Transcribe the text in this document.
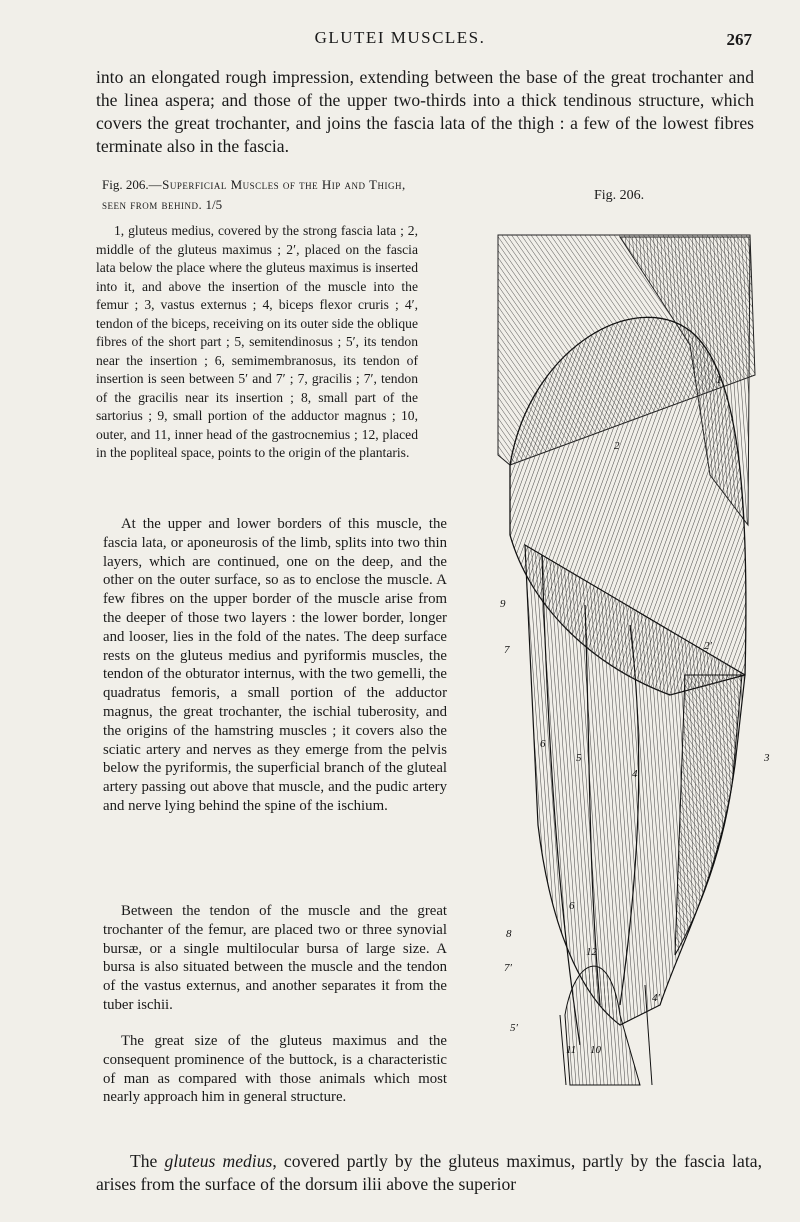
GLUTEI MUSCLES.	267

into an elongated rough impression, extending between the base of the great trochanter and the linea aspera; and those of the upper two-thirds into a thick tendinous structure, which covers the great trochanter, and joins the fascia lata of the thigh : a few of the lowest fibres terminate also in the fascia.

Fig. 206.—Superficial Muscles of the Hip and Thigh, seen from behind. 1/5

1, gluteus medius, covered by the strong fascia lata ; 2, middle of the gluteus maximus ; 2′, placed on the fascia lata below the place where the gluteus maximus is inserted into it, and above the insertion of the muscle into the femur ; 3, vastus externus ; 4, biceps flexor cruris ; 4′, tendon of the biceps, receiving on its outer side the oblique fibres of the short part ; 5, semitendinosus ; 5′, its tendon near the insertion ; 6, semimembranosus, its tendon of insertion is seen between 5′ and 7′ ; 7, gracilis ; 7′, tendon of the gracilis near its insertion ; 8, small part of the sartorius ; 9, small portion of the adductor magnus ; 10, outer, and 11, inner head of the gastrocnemius ; 12, placed in the popliteal space, points to the origin of the plantaris.

Fig. 206.

At the upper and lower borders of this muscle, the fascia lata, or aponeurosis of the limb, splits into two thin layers, which are continued, one on the deep, and the other on the outer surface, so as to enclose the muscle. A few fibres on the upper border of the muscle arise from the deeper of those two layers : the lower border, longer and looser, lies in the fold of the nates. The deep surface rests on the gluteus medius and pyriformis muscles, the tendon of the obturator internus, with the two gemelli, the quadratus femoris, a small portion of the adductor magnus, the great trochanter, the ischial tuberosity, and the origins of the hamstring muscles ; it covers also the sciatic artery and nerves as they emerge from the pelvis below the pyriformis, the superficial branch of the gluteal artery passing out above that muscle, and the pudic artery and nerve lying behind the spine of the ischium.

Between the tendon of the muscle and the great trochanter of the femur, are placed two or three synovial bursæ, or a single multilocular bursa of large size. A bursa is also situated between the muscle and the tendon of the vastus externus, and another separates it from the tuber ischii.

The great size of the gluteus maximus and the consequent prominence of the buttock, is a characteristic of man as compared with those animals which most nearly approach him in general structure.

1
2
2′
3
4
4′
5
5′
6
6
7
7′
8
9
10
11
12

The gluteus medius, covered partly by the gluteus maximus, partly by the fascia lata, arises from the surface of the dorsum ilii above the superior
